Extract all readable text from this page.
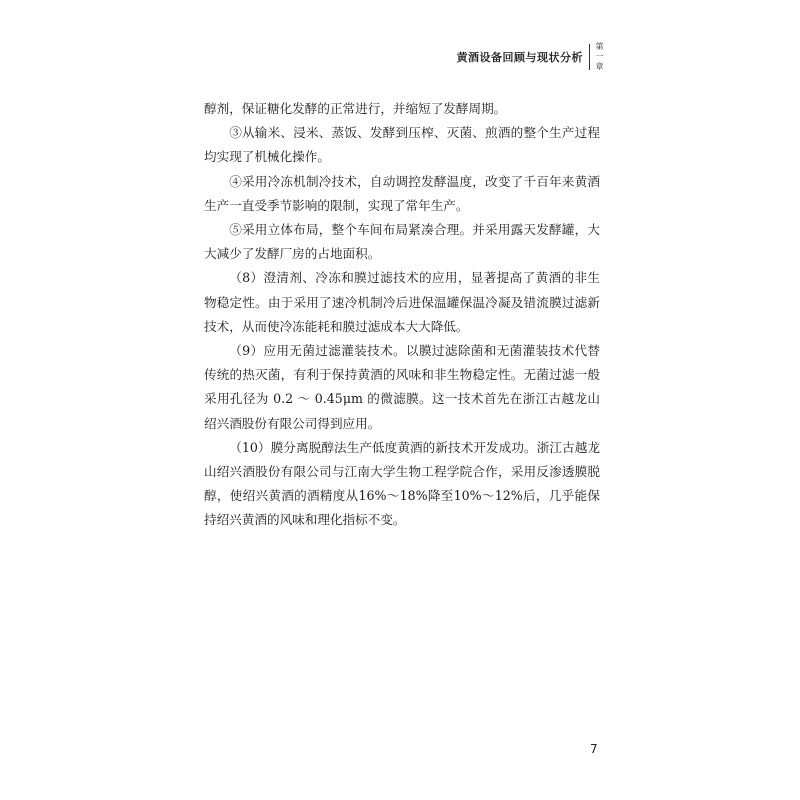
黄酒设备回顾与现状分析
第一章

醇剂，保证糖化发酵的正常进行，并缩短了发酵周期。

③从输米、浸米、蒸饭、发酵到压榨、灭菌、煎酒的整个生产过程均实现了机械化操作。

④采用冷冻机制冷技术，自动调控发酵温度，改变了千百年来黄酒生产一直受季节影响的限制，实现了常年生产。

⑤采用立体布局，整个车间布局紧凑合理。并采用露天发酵罐，大大减少了发酵厂房的占地面积。

（8）澄清剂、冷冻和膜过滤技术的应用，显著提高了黄酒的非生物稳定性。由于采用了速冷机制冷后进保温罐保温冷凝及错流膜过滤新技术，从而使冷冻能耗和膜过滤成本大大降低。

（9）应用无菌过滤灌装技术。以膜过滤除菌和无菌灌装技术代替传统的热灭菌，有利于保持黄酒的风味和非生物稳定性。无菌过滤一般采用孔径为 0.2 ～ 0.45μm 的微滤膜。这一技术首先在浙江古越龙山绍兴酒股份有限公司得到应用。

（10）膜分离脱醇法生产低度黄酒的新技术开发成功。浙江古越龙山绍兴酒股份有限公司与江南大学生物工程学院合作，采用反渗透膜脱醇，使绍兴黄酒的酒精度从16%～18%降至10%～12%后，几乎能保持绍兴黄酒的风味和理化指标不变。

7
